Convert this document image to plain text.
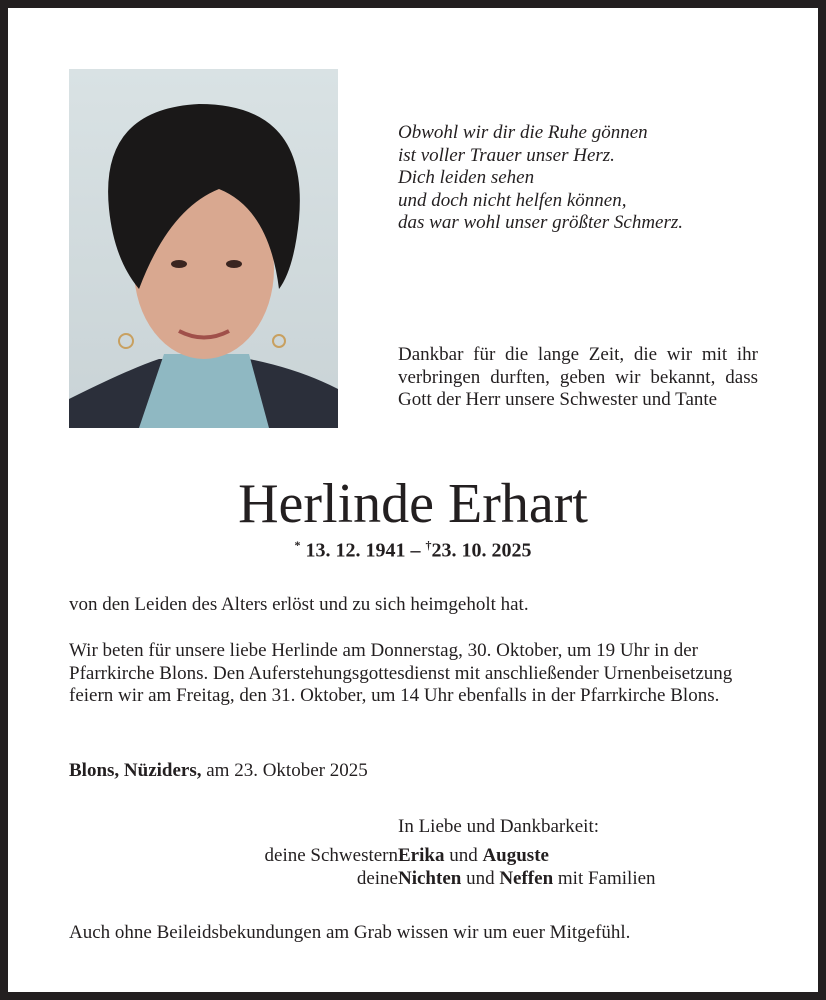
Obwohl wir dir die Ruhe gönnen
ist voller Trauer unser Herz.
Dich leiden sehen
und doch nicht helfen können,
das war wohl unser größter Schmerz.
Dankbar für die lange Zeit, die wir mit ihr verbringen durften, geben wir bekannt, dass Gott der Herr unsere Schwester und Tante
Herlinde Erhart
* 13. 12. 1941 – †23. 10. 2025
von den Leiden des Alters erlöst und zu sich heimgeholt hat.
Wir beten für unsere liebe Herlinde am Donnerstag, 30. Oktober, um 19 Uhr in der Pfarrkirche Blons. Den Auferstehungsgottesdienst mit anschließender Urnenbeisetzung feiern wir am Freitag, den 31. Oktober, um 14 Uhr ebenfalls in der Pfarrkirche Blons.
Blons, Nüziders, am 23. Oktober 2025
In Liebe und Dankbarkeit:
deine Schwestern Erika und Auguste
deine Nichten und Neffen mit Familien
Auch ohne Beileidsbekundungen am Grab wissen wir um euer Mitgefühl.
